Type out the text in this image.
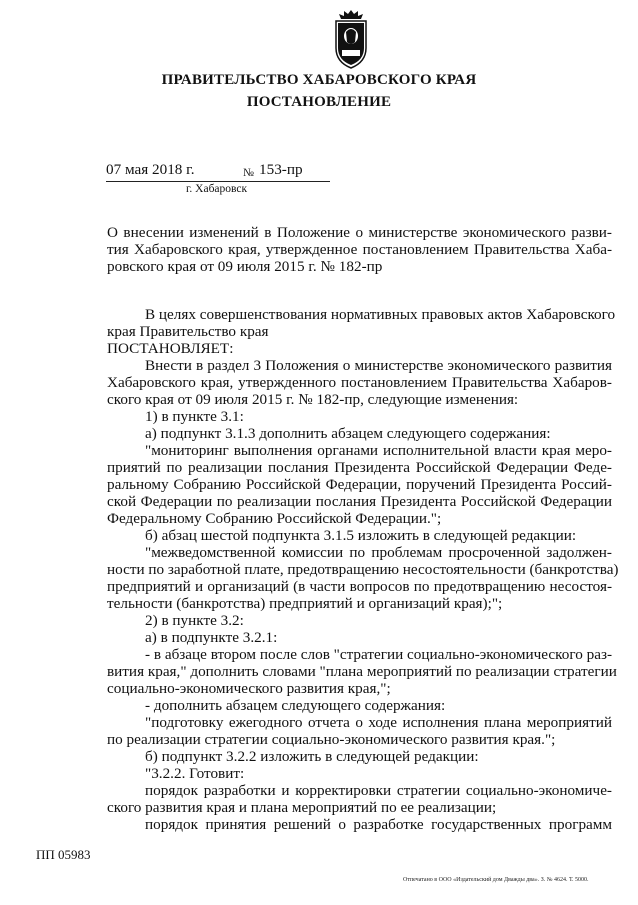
ПРАВИТЕЛЬСТВО ХАБАРОВСКОГО КРАЯ
ПОСТАНОВЛЕНИЕ
07 мая 2018 г.	№ 153-пр
г. Хабаровск
О внесении изменений в Положение о министерстве экономического разви-
тия Хабаровского края, утвержденное постановлением Правительства Хаба-
ровского края от 09 июля 2015 г. № 182-пр
В целях совершенствования нормативных правовых актов Хабаровского
края Правительство края
ПОСТАНОВЛЯЕТ:
Внести в раздел 3 Положения о министерстве экономического развития
Хабаровского края, утвержденного постановлением Правительства Хабаров-
ского края от 09 июля 2015 г. № 182-пр, следующие изменения:
1) в пункте 3.1:
а) подпункт 3.1.3 дополнить абзацем следующего содержания:
"мониторинг выполнения органами исполнительной власти края меро-
приятий по реализации послания Президента Российской Федерации Феде-
ральному Собранию Российской Федерации, поручений Президента Россий-
ской Федерации по реализации послания Президента Российской Федерации
Федеральному Собранию Российской Федерации.";
б) абзац шестой подпункта 3.1.5 изложить в следующей редакции:
"межведомственной комиссии по проблемам просроченной задолжен-
ности по заработной плате, предотвращению несостоятельности (банкротства)
предприятий и организаций (в части вопросов по предотвращению несостоя-
тельности (банкротства) предприятий и организаций края);";
2) в пункте 3.2:
а) в подпункте 3.2.1:
- в абзаце втором после слов "стратегии социально-экономического раз-
вития края," дополнить словами "плана мероприятий по реализации стратегии
социально-экономического развития края,";
- дополнить абзацем следующего содержания:
"подготовку ежегодного отчета о ходе исполнения плана мероприятий
по реализации стратегии социально-экономического развития края.";
б) подпункт 3.2.2 изложить в следующей редакции:
"3.2.2. Готовит:
порядок разработки и корректировки стратегии социально-экономиче-
ского развития края и плана мероприятий по ее реализации;
порядок принятия решений о разработке государственных программ
ПП 05983
Отпечатано в ООО «Издательский дом Дважды два». З. № 4624. Т. 5000.
